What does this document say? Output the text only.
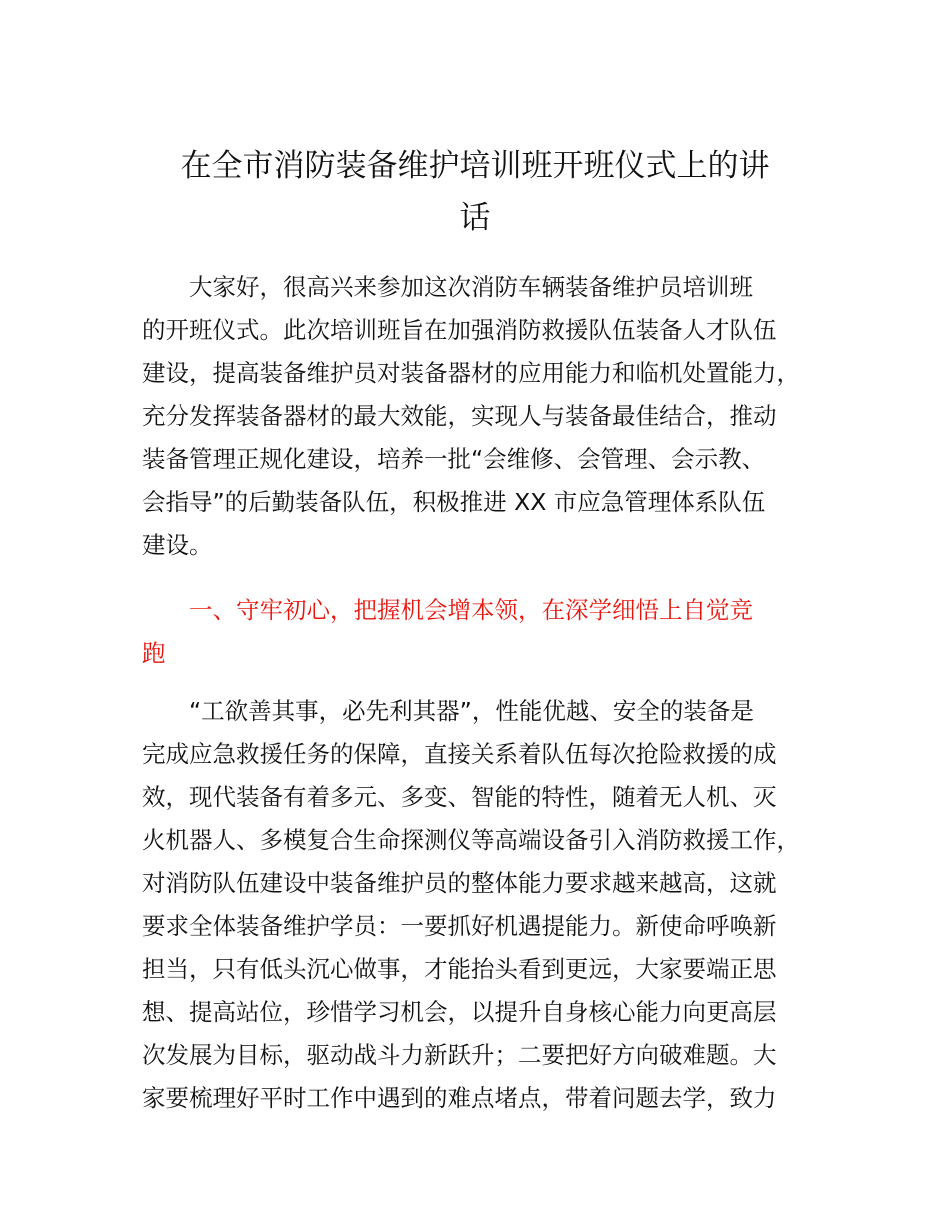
在全市消防装备维护培训班开班仪式上的讲
话
大家好，很高兴来参加这次消防车辆装备维护员培训班
的开班仪式。此次培训班旨在加强消防救援队伍装备人才队伍
建设，提高装备维护员对装备器材的应用能力和临机处置能力，
充分发挥装备器材的最大效能，实现人与装备最佳结合，推动
装备管理正规化建设，培养一批“会维修、会管理、会示教、
会指导”的后勤装备队伍，积极推进 XX 市应急管理体系队伍
建设。
一、守牢初心，把握机会增本领，在深学细悟上自觉竞
跑
“工欲善其事，必先利其器”，性能优越、安全的装备是
完成应急救援任务的保障，直接关系着队伍每次抢险救援的成
效，现代装备有着多元、多变、智能的特性，随着无人机、灭
火机器人、多模复合生命探测仪等高端设备引入消防救援工作，
对消防队伍建设中装备维护员的整体能力要求越来越高，这就
要求全体装备维护学员：一要抓好机遇提能力。新使命呼唤新
担当，只有低头沉心做事，才能抬头看到更远，大家要端正思
想、提高站位，珍惜学习机会，以提升自身核心能力向更高层
次发展为目标，驱动战斗力新跃升；二要把好方向破难题。大
家要梳理好平时工作中遇到的难点堵点，带着问题去学，致力
